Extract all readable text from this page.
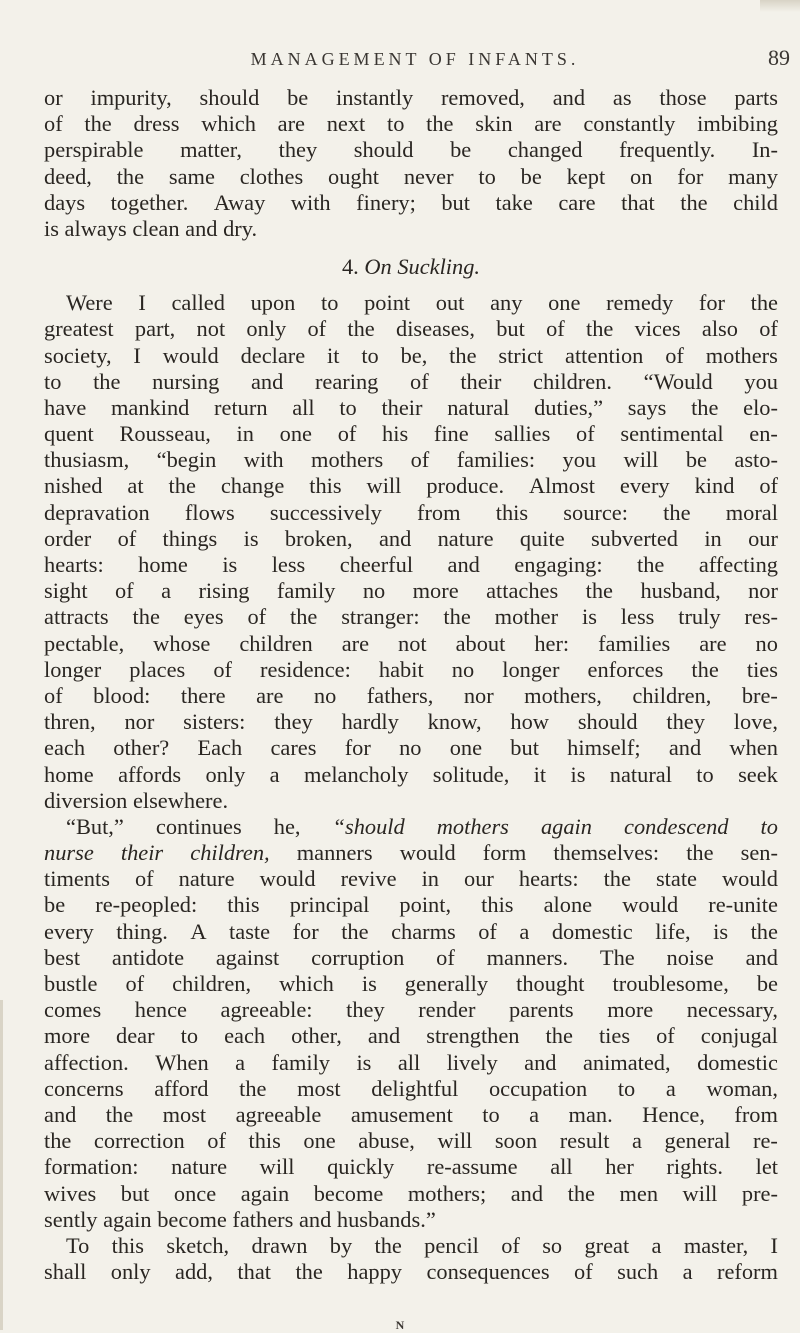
MANAGEMENT OF INFANTS.	89
or impurity, should be instantly removed, and as those parts
of the dress which are next to the skin are constantly imbibing
perspirable matter, they should be changed frequently. In-
deed, the same clothes ought never to be kept on for many
days together. Away with finery; but take care that the child
is always clean and dry.
4. On Suckling.
Were I called upon to point out any one remedy for the
greatest part, not only of the diseases, but of the vices also of
society, I would declare it to be, the strict attention of mothers
to the nursing and rearing of their children. “Would you
have mankind return all to their natural duties,” says the elo-
quent Rousseau, in one of his fine sallies of sentimental en-
thusiasm, “begin with mothers of families: you will be asto-
nished at the change this will produce. Almost every kind of
depravation flows successively from this source: the moral
order of things is broken, and nature quite subverted in our
hearts: home is less cheerful and engaging: the affecting
sight of a rising family no more attaches the husband, nor
attracts the eyes of the stranger: the mother is less truly res-
pectable, whose children are not about her: families are no
longer places of residence: habit no longer enforces the ties
of blood: there are no fathers, nor mothers, children, bre-
thren, nor sisters: they hardly know, how should they love,
each other? Each cares for no one but himself; and when
home affords only a melancholy solitude, it is natural to seek
diversion elsewhere.
“But,” continues he, “should mothers again condescend to
nurse their children, manners would form themselves: the sen-
timents of nature would revive in our hearts: the state would
be re-peopled: this principal point, this alone would re-unite
every thing. A taste for the charms of a domestic life, is the
best antidote against corruption of manners. The noise and
bustle of children, which is generally thought troublesome, be
comes hence agreeable: they render parents more necessary,
more dear to each other, and strengthen the ties of conjugal
affection. When a family is all lively and animated, domestic
concerns afford the most delightful occupation to a woman,
and the most agreeable amusement to a man. Hence, from
the correction of this one abuse, will soon result a general re-
formation: nature will quickly re-assume all her rights. let
wives but once again become mothers; and the men will pre-
sently again become fathers and husbands.”
To this sketch, drawn by the pencil of so great a master, I
shall only add, that the happy consequences of such a reform
N
